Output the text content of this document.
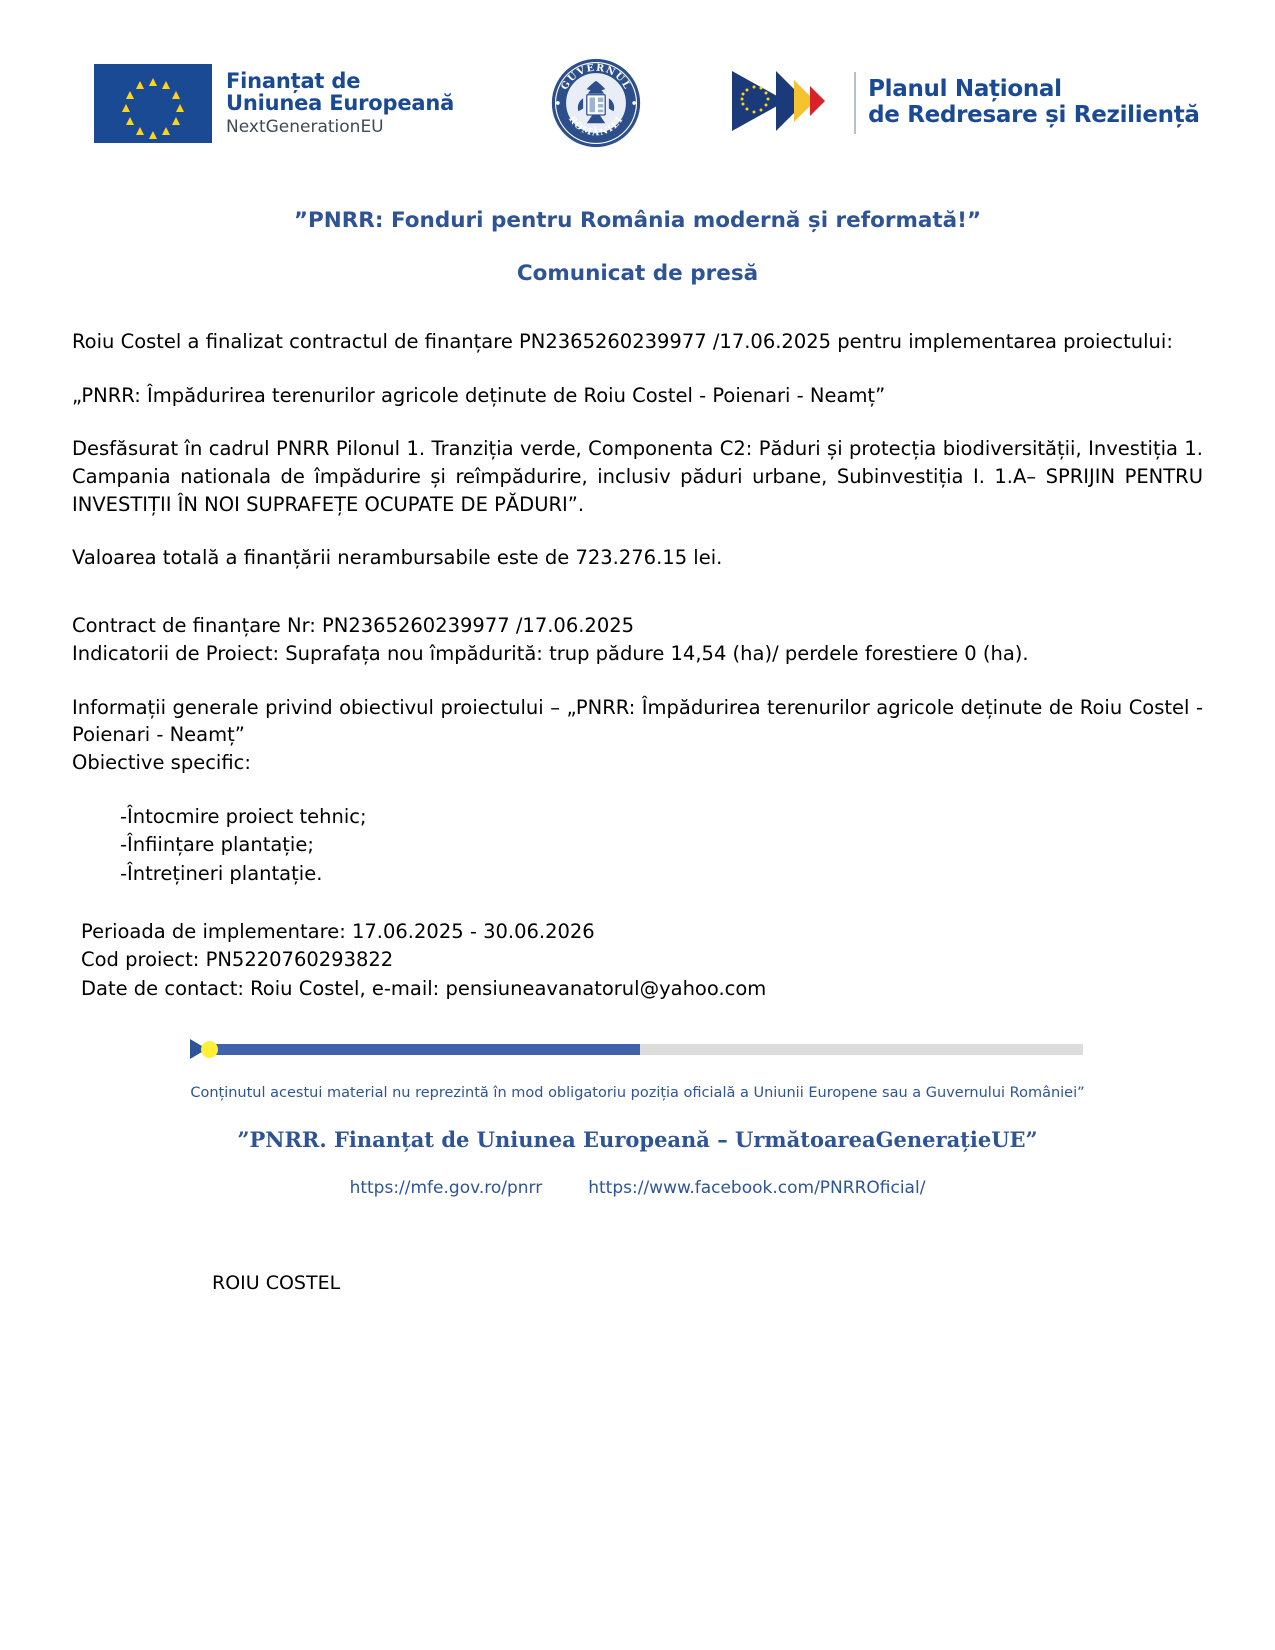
Finanțat de
Uniunea Europeană
NextGenerationEU
GUVERNUL
ROMÂNIEI
Planul Național
de Redresare și Reziliență
”PNRR: Fonduri pentru România modernă și reformată!”
Comunicat de presă

Roiu Costel a finalizat contractul de finanțare PN2365260239977 /17.06.2025 pentru implementarea proiectului:

„PNRR: Împădurirea terenurilor agricole deținute de Roiu Costel - Poienari - Neamț”

Desfăsurat în cadrul PNRR Pilonul 1. Tranziția verde, Componenta C2: Păduri și protecția biodiversității, Investiția 1. Campania nationala de împădurire și reîmpădurire, inclusiv păduri urbane, Subinvestiția I. 1.A– SPRIJIN PENTRU INVESTIȚII ÎN NOI SUPRAFEȚE OCUPATE DE PĂDURI”.

Valoarea totală a finanțării nerambursabile este de 723.276.15 lei.

Contract de finanțare Nr: PN2365260239977 /17.06.2025

Indicatorii de Proiect: Suprafața nou împădurită: trup pădure 14,54 (ha)/ perdele forestiere 0 (ha).

Informații generale privind obiectivul proiectului – „PNRR: Împădurirea terenurilor agricole deținute de Roiu Costel - Poienari - Neamț”

Obiective specific:

-Întocmire proiect tehnic;
-Înființare plantație;
-Întrețineri plantație.
Perioada de implementare: 17.06.2025 - 30.06.2026
Cod proiect: PN5220760293822
Date de contact: Roiu Costel, e-mail: pensiuneavanatorul@yahoo.com
Conținutul acestui material nu reprezintă în mod obligatoriu poziția oficială a Uniunii Europene sau a Guvernului României”
”PNRR. Finanțat de Uniunea Europeană – UrmătoareaGenerațieUE”
https://mfe.gov.ro/pnrr	https://www.facebook.com/PNRROficial/
ROIU COSTEL
